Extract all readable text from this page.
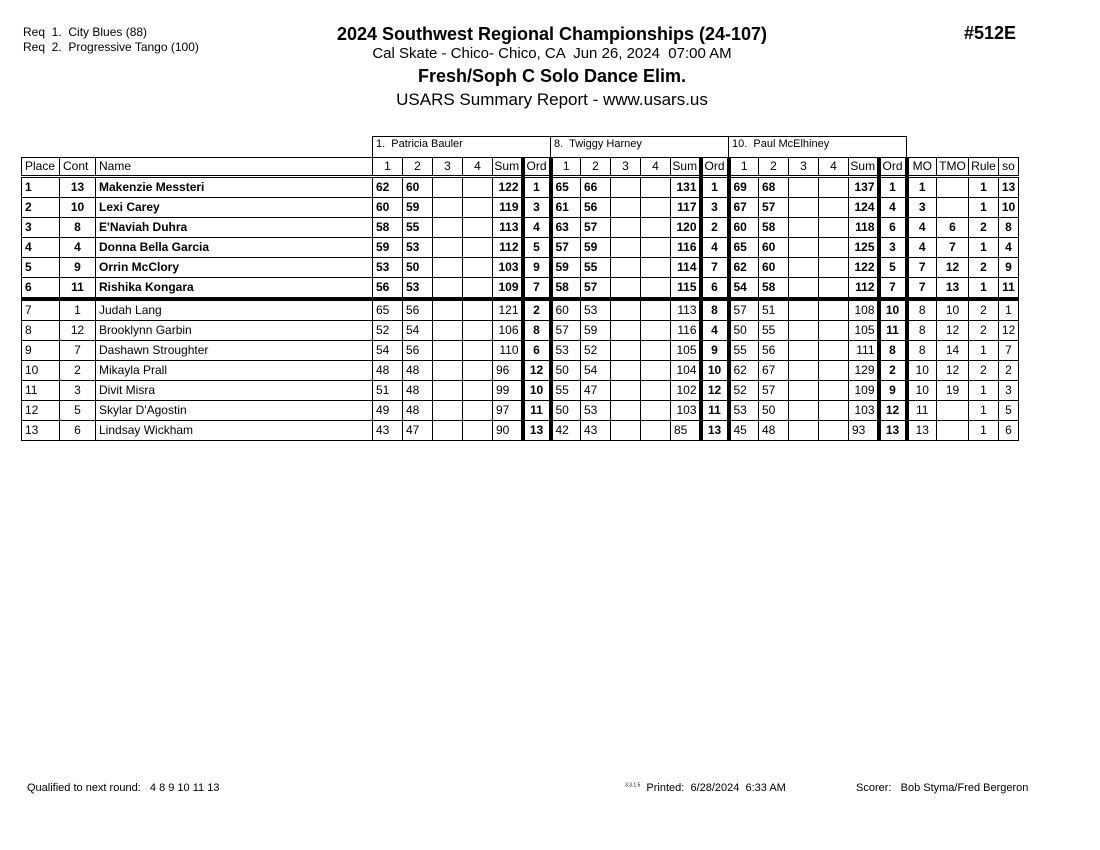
Req  1.  City Blues (88)
Req  2.  Progressive Tango (100)
2024 Southwest Regional Championships (24-107)
Cal Skate - Chico- Chico, CA  Jun 26, 2024  07:00 AM
Fresh/Soph C Solo Dance Elim.
USARS Summary Report - www.usars.us
#512E
			1.  Patricia Bauler						8.  Twiggy Harney						10.  Paul McElhiney									
Place	Cont	Name	1	2	3	4	Sum	Ord	1	2	3	4	Sum	Ord	1	2	3	4	Sum	Ord	MO	TMO	Rule	so
1	13	Makenzie Messteri	62	60			122	1	65	66			131	1	69	68			137	1	1		1	13
2	10	Lexi Carey	60	59			119	3	61	56			117	3	67	57			124	4	3		1	10
3	8	E'Naviah Duhra	58	55			113	4	63	57			120	2	60	58			118	6	4	6	2	8
4	4	Donna Bella Garcia	59	53			112	5	57	59			116	4	65	60			125	3	4	7	1	4
5	9	Orrin McClory	53	50			103	9	59	55			114	7	62	60			122	5	7	12	2	9
6	11	Rishika Kongara	56	53			109	7	58	57			115	6	54	58			112	7	7	13	1	11
7	1	Judah Lang	65	56			121	2	60	53			113	8	57	51			108	10	8	10	2	1
8	12	Brooklynn Garbin	52	54			106	8	57	59			116	4	50	55			105	11	8	12	2	12
9	7	Dashawn Stroughter	54	56			110	6	53	52			105	9	55	56			111	8	8	14	1	7
10	2	Mikayla Prall	48	48			96	12	50	54			104	10	62	67			129	2	10	12	2	2
11	3	Divit Misra	51	48			99	10	55	47			102	12	52	57			109	9	10	19	1	3
12	5	Skylar D'Agostin	49	48			97	11	50	53			103	11	53	50			103	12	11		1	5
13	6	Lindsay Wickham	43	47			90	13	42	43			85	13	45	48			93	13	13		1	6
Qualified to next round:   4 8 9 10 11 13	$^{3.3.1.5}$ Printed:  6/28/2024  6:33 AM	Scorer:   Bob Styma/Fred Bergeron
